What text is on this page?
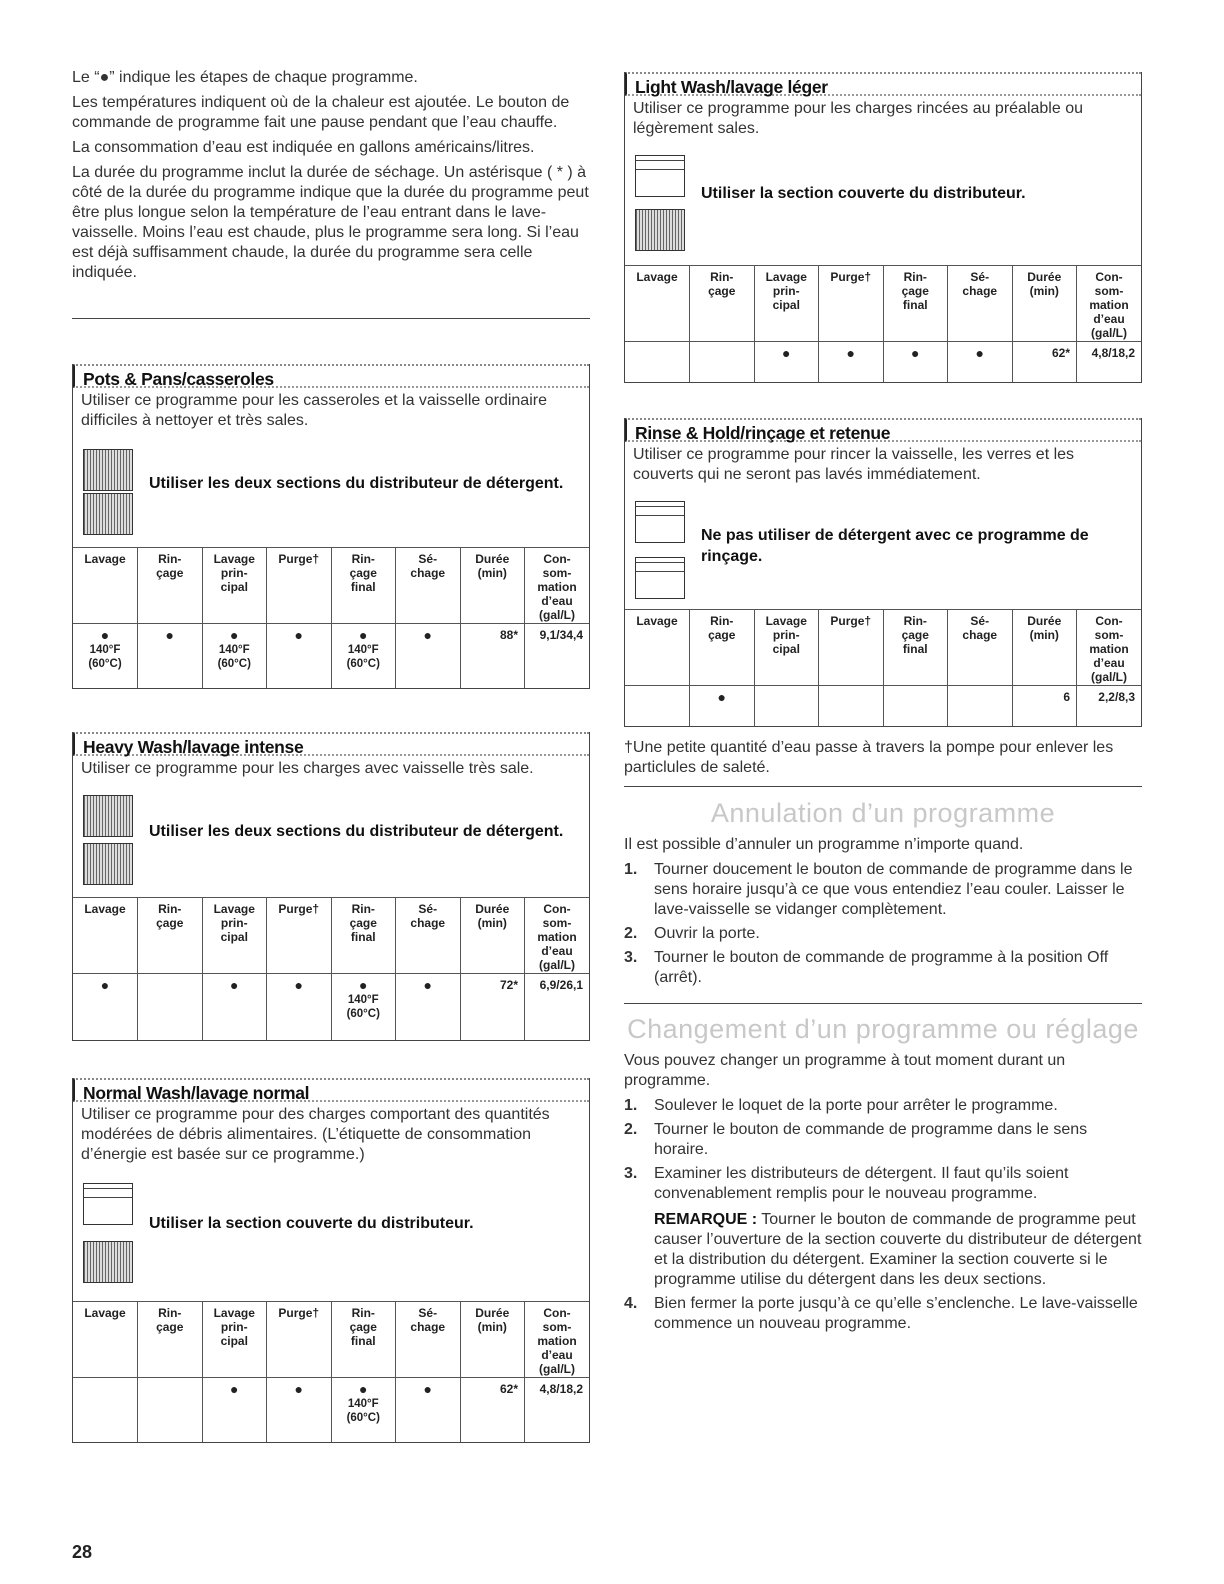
Le “●” indique les étapes de chaque programme.

Les températures indiquent où de la chaleur est ajoutée. Le bouton de commande de programme fait une pause pendant que l’eau chauffe.

La consommation d’eau est indiquée en gallons américains/litres.

La durée du programme inclut la durée de séchage. Un astérisque ( * ) à côté de la durée du programme indique que la durée du programme peut être plus longue selon la température de l’eau entrant dans le lave-vaisselle. Moins l’eau est chaude, plus le programme sera long. Si l’eau est déjà suffisamment chaude, la durée du programme sera celle indiquée.

Pots & Pans/casseroles
Utiliser ce programme pour les casseroles et la vaisselle ordinaire difficiles à nettoyer et très sales.
Utiliser les deux sections du distributeur de détergent.
Lavage	Rin-
çage	Lavage
prin-
cipal	Purge†	Rin-
çage
final	Sé-
chage	Durée
(min)	Con-
som-
mation
d’eau
(gal/L)
●
140°F
(60°C)	●	●
140°F
(60°C)	●	●
140°F
(60°C)	●	88*	9,1/34,4
Heavy Wash/lavage intense
Utiliser ce programme pour les charges avec vaisselle très sale.
Utiliser les deux sections du distributeur de détergent.
Lavage	Rin-
çage	Lavage
prin-
cipal	Purge†	Rin-
çage
final	Sé-
chage	Durée
(min)	Con-
som-
mation
d’eau
(gal/L)
●		●	●	●
140°F
(60°C)	●	72*	6,9/26,1
Normal Wash/lavage normal
Utiliser ce programme pour des charges comportant des quantités modérées de débris alimentaires. (L’étiquette de consommation d’énergie est basée sur ce programme.)
Utiliser la section couverte du distributeur.
Lavage	Rin-
çage	Lavage
prin-
cipal	Purge†	Rin-
çage
final	Sé-
chage	Durée
(min)	Con-
som-
mation
d’eau
(gal/L)
		●	●	●
140°F
(60°C)	●	62*	4,8/18,2
28
Light Wash/lavage léger
Utiliser ce programme pour les charges rincées au préalable ou légèrement sales.
Utiliser la section couverte du distributeur.
Lavage	Rin-
çage	Lavage
prin-
cipal	Purge†	Rin-
çage
final	Sé-
chage	Durée
(min)	Con-
som-
mation
d’eau
(gal/L)
		●	●	●	●	62*	4,8/18,2
Rinse & Hold/rinçage et retenue
Utiliser ce programme pour rincer la vaisselle, les verres et les couverts qui ne seront pas lavés immédiatement.
Ne pas utiliser de détergent avec ce programme de rinçage.
Lavage	Rin-
çage	Lavage
prin-
cipal	Purge†	Rin-
çage
final	Sé-
chage	Durée
(min)	Con-
som-
mation
d’eau
(gal/L)
	●					6	2,2/8,3
†Une petite quantité d’eau passe à travers la pompe pour enlever les particlules de saleté.
Annulation d’un programme

Il est possible d’annuler un programme n’importe quand.

1. Tourner doucement le bouton de commande de programme dans le sens horaire jusqu’à ce que vous entendiez l’eau couler. Laisser le lave-vaisselle se vidanger complètement.
2. Ouvrir la porte.
3. Tourner le bouton de commande de programme à la position Off (arrêt).
Changement d’un programme ou réglage

Vous pouvez changer un programme à tout moment durant un programme.

1. Soulever le loquet de la porte pour arrêter le programme.
2. Tourner le bouton de commande de programme dans le sens horaire.
3. Examiner les distributeurs de détergent. Il faut qu’ils soient convenablement remplis pour le nouveau programme.
REMARQUE : Tourner le bouton de commande de programme peut causer l’ouverture de la section couverte du distributeur de détergent et la distribution du détergent. Examiner la section couverte si le programme utilise du détergent dans les deux sections.
4. Bien fermer la porte jusqu’à ce qu’elle s’enclenche. Le lave-vaisselle commence un nouveau programme.
